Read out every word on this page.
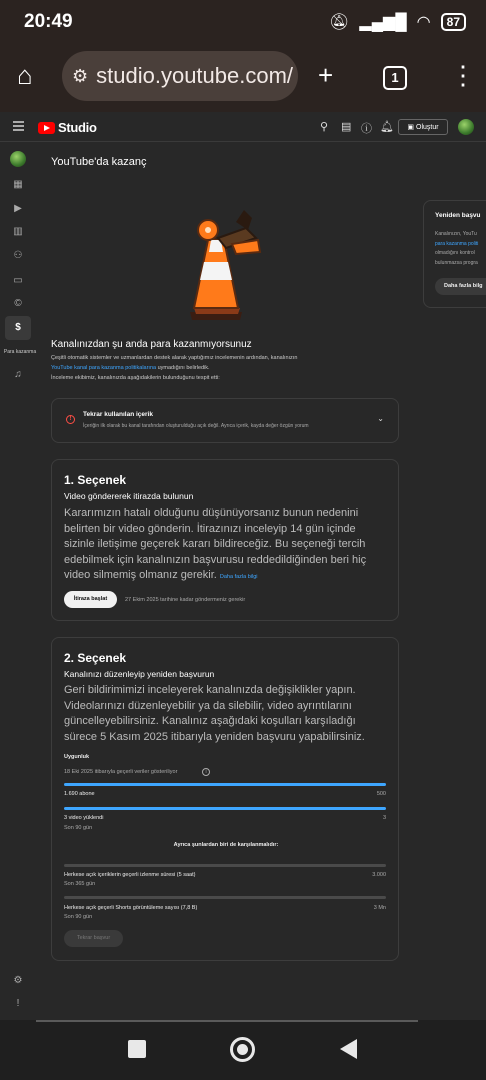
20:49	🔕︎ ▂▄▆█ ◠	87
⌂ ⚙︎ studio.youtube.com/ +	1	⋮
Studio	⚲ ▤ ⓘ 🔔︎ ▣ Oluştur
▦
▶
▥
⚇
▭
©
$
Para kazanma
♫
⚙
!
YouTube'da kazanç
Kanalınızdan şu anda para kazanmıyorsunuz
Çeşitli otomatik sistemler ve uzmanlardan destek alarak yaptığımız incelemenin ardından, kanalınızın
YouTube kanal para kazanma politikalarına uymadığını belirledik.
İnceleme ekibimiz, kanalınızda aşağıdakilerin bulunduğunu tespit etti:
!
Tekrar kullanılan içerik
İçeriğin ilk olarak bu kanal tarafından oluşturulduğu açık değil. Ayrıca içerik, kayda değer özgün yorum
⌄
1. Seçenek
Video göndererek itirazda bulunun
Kararımızın hatalı olduğunu düşünüyorsanız bunun nedenini belirten bir video gönderin. İtirazınızı inceleyip 14 gün içinde sizinle iletişime geçerek kararı bildireceğiz. Bu seçeneği tercih edebilmek için kanalınızın başvurusu reddedildiğinden beri hiç video silmemiş olmanız gerekir. Daha fazla bilgi
İtiraza başlat	27 Ekim 2025 tarihine kadar göndermeniz gerekir
2. Seçenek
Kanalınızı düzenleyip yeniden başvurun
Geri bildirimimizi inceleyerek kanalınızda değişiklikler yapın. Videolarınızı düzenleyebilir ya da silebilir, video ayrıntılarını güncelleyebilirsiniz. Kanalınız aşağıdaki koşulları karşıladığı sürece 5 Kasım 2025 itibarıyla yeniden başvuru yapabilirsiniz.
Uygunluk
18 Eki 2025 itibarıyla geçerli veriler gösteriliyor	i
1.690 abone	500
3 video yüklendi	3
Son 90 gün
Ayrıca şunlardan biri de karşılanmalıdır:
Herkese açık içeriklerin geçerli izlenme süresi (5 saat)	3.000
Son 365 gün
Herkese açık geçerli Shorts görüntüleme sayısı (7,8 B)	3 Mn
Son 90 gün
Tekrar başvur
Yeniden başvu
Kanalınızın, YouTu
para kazanma politi
olmadığını kontrol
bulunmazsa progra
Daha fazla bilg
